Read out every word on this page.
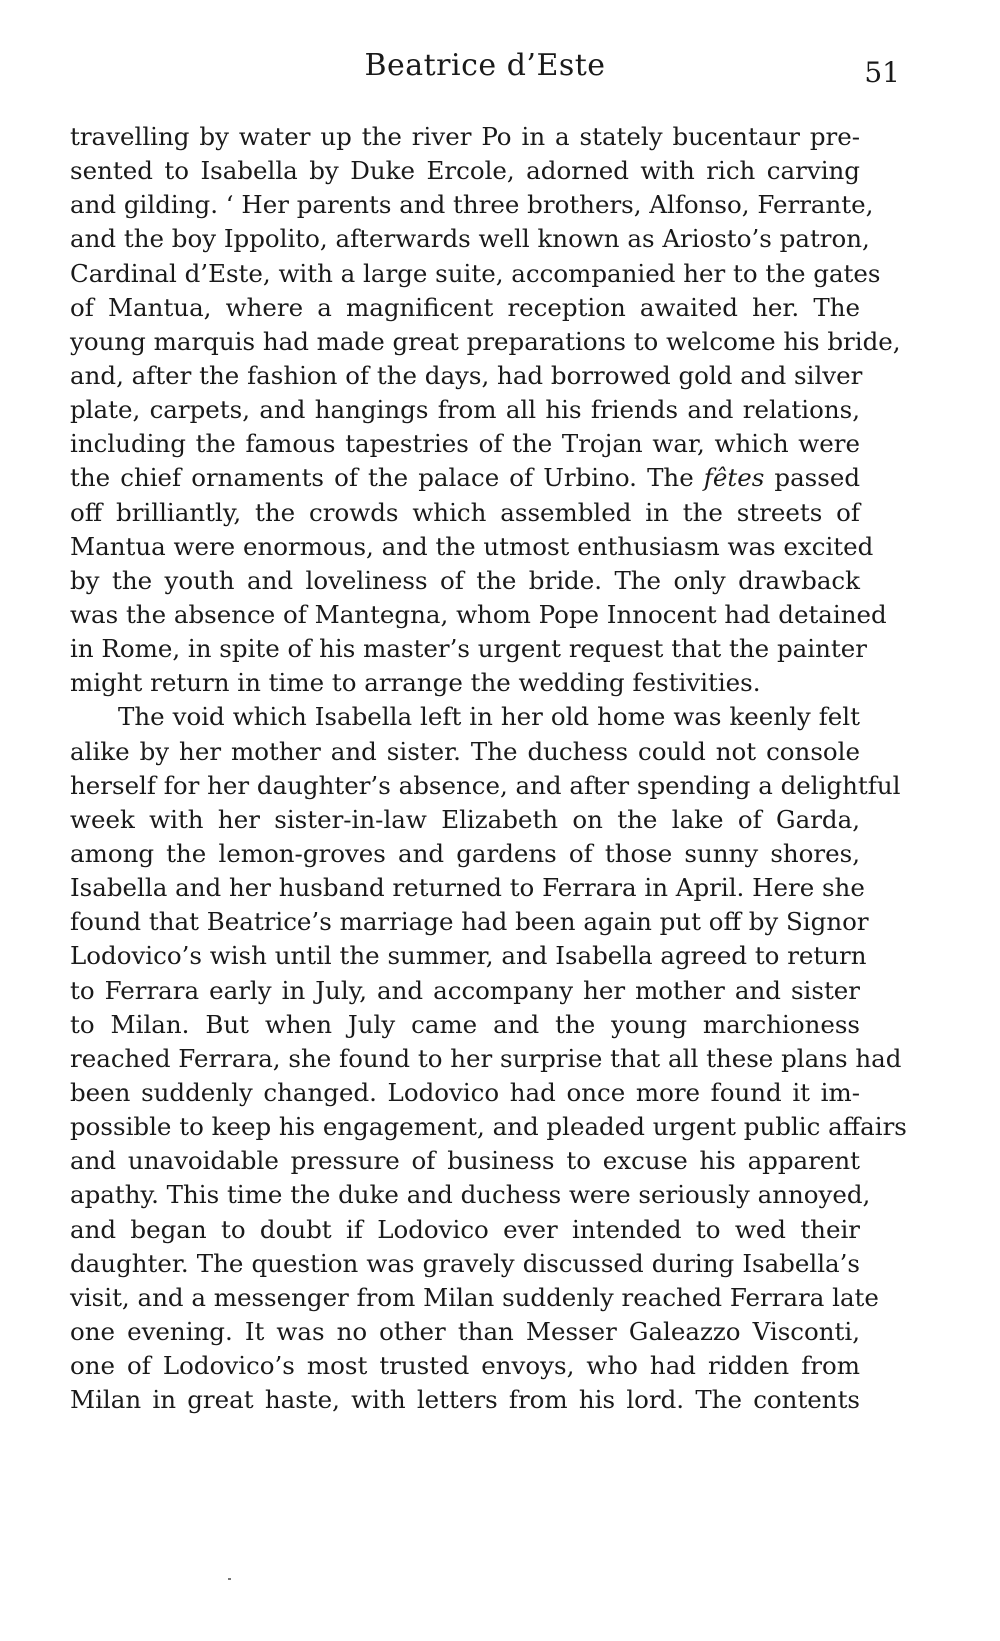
Beatrice d’Este	51
travelling by water up the river Po in a stately bucentaur pre-
sented to Isabella by Duke Ercole, adorned with rich carving
and gilding. ‘ Her parents and three brothers, Alfonso, Ferrante,
and the boy Ippolito, afterwards well known as Ariosto’s patron,
Cardinal d’Este, with a large suite, accompanied her to the gates
of Mantua, where a magnificent reception awaited her. The
young marquis had made great preparations to welcome his bride,
and, after the fashion of the days, had borrowed gold and silver
plate, carpets, and hangings from all his friends and relations,
including the famous tapestries of the Trojan war, which were
the chief ornaments of the palace of Urbino. The fêtes passed
off brilliantly, the crowds which assembled in the streets of
Mantua were enormous, and the utmost enthusiasm was excited
by the youth and loveliness of the bride. The only drawback
was the absence of Mantegna, whom Pope Innocent had detained
in Rome, in spite of his master’s urgent request that the painter
might return in time to arrange the wedding festivities.
The void which Isabella left in her old home was keenly felt
alike by her mother and sister. The duchess could not console
herself for her daughter’s absence, and after spending a delightful
week with her sister-in-law Elizabeth on the lake of Garda,
among the lemon-groves and gardens of those sunny shores,
Isabella and her husband returned to Ferrara in April. Here she
found that Beatrice’s marriage had been again put off by Signor
Lodovico’s wish until the summer, and Isabella agreed to return
to Ferrara early in July, and accompany her mother and sister
to Milan. But when July came and the young marchioness
reached Ferrara, she found to her surprise that all these plans had
been suddenly changed. Lodovico had once more found it im-
possible to keep his engagement, and pleaded urgent public affairs
and unavoidable pressure of business to excuse his apparent
apathy. This time the duke and duchess were seriously annoyed,
and began to doubt if Lodovico ever intended to wed their
daughter. The question was gravely discussed during Isabella’s
visit, and a messenger from Milan suddenly reached Ferrara late
one evening. It was no other than Messer Galeazzo Visconti,
one of Lodovico’s most trusted envoys, who had ridden from
Milan in great haste, with letters from his lord. The contents
